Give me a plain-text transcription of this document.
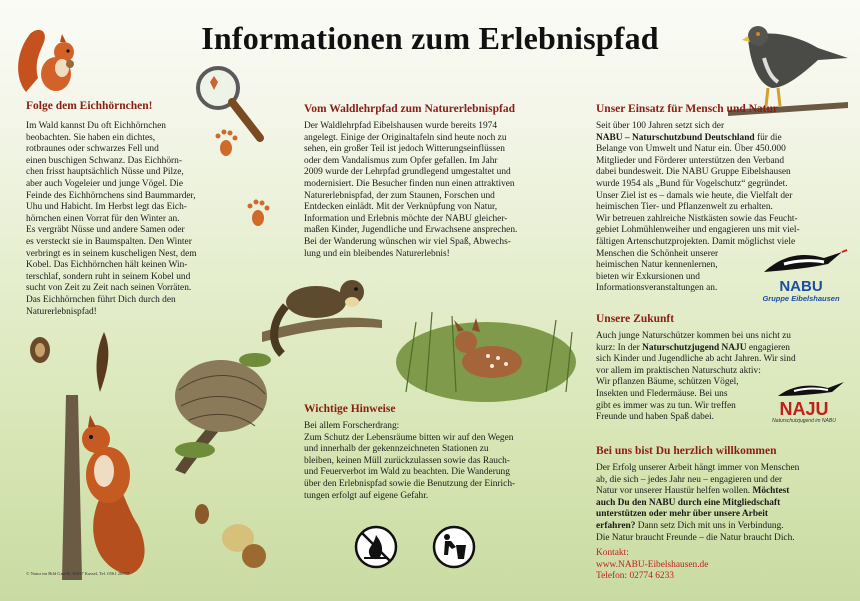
Informationen zum Erlebnispfad

Folge dem Eichhörnchen!

Im Wald kannst Du oft Eichhörnchen
beobachten. Sie haben ein dichtes,
rotbraunes oder schwarzes Fell und
einen buschigen Schwanz. Das Eichhörn-
chen frisst hauptsächlich Nüsse und Pilze,
aber auch Vogeleier und junge Vögel. Die
Feinde des Eichhörnchens sind Baummarder,
Uhu und Habicht. Im Herbst legt das Eich-
hörnchen einen Vorrat für den Winter an.
Es vergräbt Nüsse und andere Samen oder
es versteckt sie in Baumspalten. Den Winter
verbringt es in seinem kuscheligen Nest, dem
Kobel. Das Eichhörnchen hält keinen Win-
terschlaf, sondern ruht in seinem Kobel und
sucht von Zeit zu Zeit nach seinen Vorräten.
Das Eichhörnchen führt Dich durch den
Naturerlebnispfad!

© Natur im Bild GmbH, 36037 Kassel, Tel. 0561 20677

Vom Waldlehrpfad zum Naturerlebnispfad

Der Waldlehrpfad Eibelshausen wurde bereits 1974
angelegt. Einige der Originaltafeln sind heute noch zu
sehen, ein großer Teil ist jedoch Witterungseinflüssen
oder dem Vandalismus zum Opfer gefallen. Im Jahr
2009 wurde der Lehrpfad grundlegend umgestaltet und
modernisiert. Die Besucher finden nun einen attraktiven
Naturerlebnispfad, der zum Staunen, Forschen und
Entdecken einlädt. Mit der Verknüpfung von Natur,
Information und Erlebnis möchte der NABU gleicher-
maßen Kinder, Jugendliche und Erwachsene ansprechen.
Bei der Wanderung wünschen wir viel Spaß, Abwechs-
lung und ein bleibendes Naturerlebnis!

Wichtige Hinweise

Bei allem Forscherdrang:
Zum Schutz der Lebensräume bitten wir auf den Wegen
und innerhalb der gekennzeichneten Stationen zu
bleiben, keinen Müll zurückzulassen sowie das Rauch-
und Feuerverbot im Wald zu beachten. Die Wanderung
über den Erlebnispfad sowie die Benutzung der Einrich-
tungen erfolgt auf eigene Gefahr.

Unser Einsatz für Mensch und Natur

Seit über 100 Jahren setzt sich der
NABU – Naturschutzbund Deutschland für die
Belange von Umwelt und Natur ein. Über 450.000
Mitglieder und Förderer unterstützen den Verband
dabei bundesweit. Die NABU Gruppe Eibelshausen
wurde 1954 als „Bund für Vogelschutz“ gegründet.
Unser Ziel ist es – damals wie heute, die Vielfalt der
heimischen Tier- und Pflanzenwelt zu erhalten.
Wir betreuen zahlreiche Nistkästen sowie das Feucht-
gebiet Lohmühlenweiher und engagieren uns mit viel-
fältigen Artenschutzprojekten. Damit möglichst viele
Menschen die Schönheit unserer
heimischen Natur kennenlernen,
bieten wir Exkursionen und
Informationsveranstaltungen an.	NABU
Gruppe Eibelshausen

Unsere Zukunft

Auch junge Naturschützer kommen bei uns nicht zu
kurz: In der Naturschutzjugend NAJU engagieren
sich Kinder und Jugendliche ab acht Jahren. Wir sind
vor allem im praktischen Naturschutz aktiv:
Wir pflanzen Bäume, schützen Vögel,
Insekten und Fledermäuse. Bei uns
gibt es immer was zu tun. Wir treffen
Freunde und haben Spaß dabei.	NAJU
Naturschutzjugend im NABU

Bei uns bist Du herzlich willkommen

Der Erfolg unserer Arbeit hängt immer von Menschen
ab, die sich – jedes Jahr neu – engagieren und der
Natur vor unserer Haustür helfen wollen. Möchtest
auch Du den NABU durch eine Mitgliedschaft
unterstützen oder mehr über unsere Arbeit
erfahren? Dann setz Dich mit uns in Verbindung.
Die Natur braucht Freunde – die Natur braucht Dich.

Kontakt:
www.NABU-Eibelshausen.de
Telefon: 02774 6233
